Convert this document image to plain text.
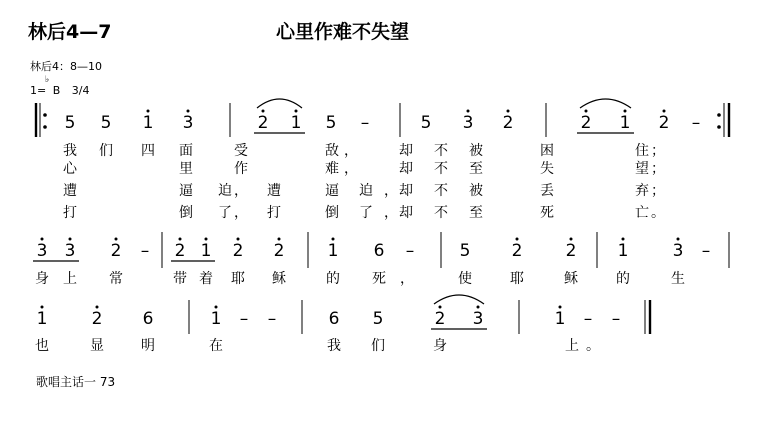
林后4—7	心里作难不失望
林后4：8—10
1= B
♭
3/4
5 5 1 3	2 1 5 –	5 3 2	2 1 2 –
我 们 四 面	受	敌 ，	却 不 被	困	住 ；
心	里	作	难 ，	却 不 至	失	望 ；
遭	逼 迫 ， 遭	逼 迫 ， 却 不 被	丢	弃 ；
打	倒 了 ， 打	倒 了 ， 却 不 至	死	亡 。
3 3 2 – 2 1 2 2	1 6 –	5 2	2 1	3 –
身 上 常	带 着 耶 稣	的 死 ，	使	耶	稣	的	生
1	2 6	1 – –	6 5	2 3	1 – –
也	显	明	在	我 们	身	上 。
歌唱主话一 73
